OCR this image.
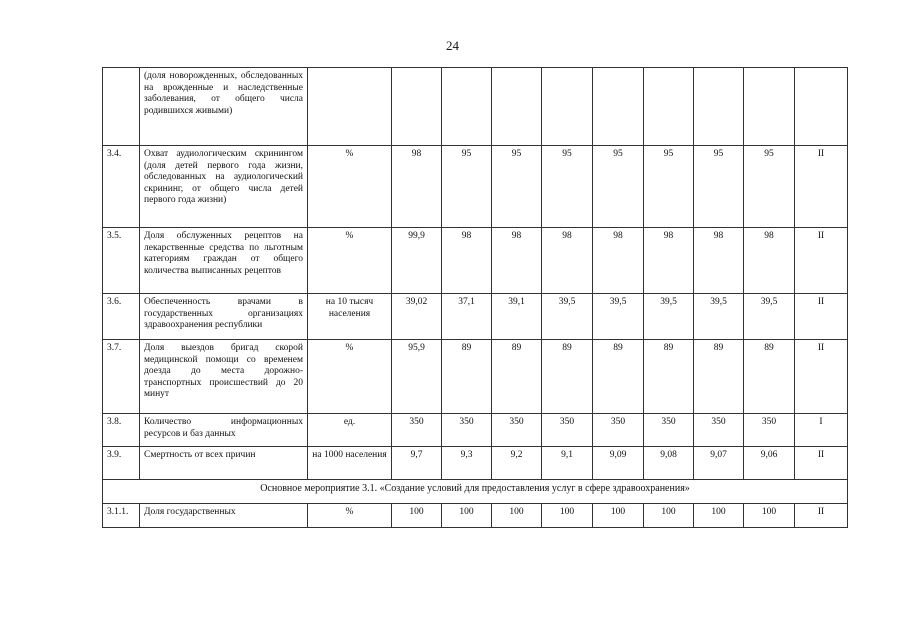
24
	(доля новорожденных, обследованных на врожденные и наследственные заболевания, от общего числа родившихся живыми)										
3.4.	Охват аудиологическим скринингом (доля детей первого года жизни, обследованных на аудиологический скрининг, от общего числа детей первого года жизни)	%	98	95	95	95	95	95	95	95	II
3.5.	Доля обслуженных рецептов на лекарственные средства по льготным категориям граждан от общего количества выписанных рецептов	%	99,9	98	98	98	98	98	98	98	II
3.6.	Обеспеченность врачами в государственных организациях здравоохранения республики	на 10 тысяч населения	39,02	37,1	39,1	39,5	39,5	39,5	39,5	39,5	II
3.7.	Доля выездов бригад скорой медицинской помощи со временем доезда до места дорожно-транспортных происшествий до 20 минут	%	95,9	89	89	89	89	89	89	89	II
3.8.	Количество информационных ресурсов и баз данных	ед.	350	350	350	350	350	350	350	350	I
3.9.	Смертность от всех причин	на 1000 населения	9,7	9,3	9,2	9,1	9,09	9,08	9,07	9,06	II
Основное мероприятие 3.1. «Создание условий для предоставления услуг в сфере здравоохранения»											
3.1.1.	Доля государственных	%	100	100	100	100	100	100	100	100	II
